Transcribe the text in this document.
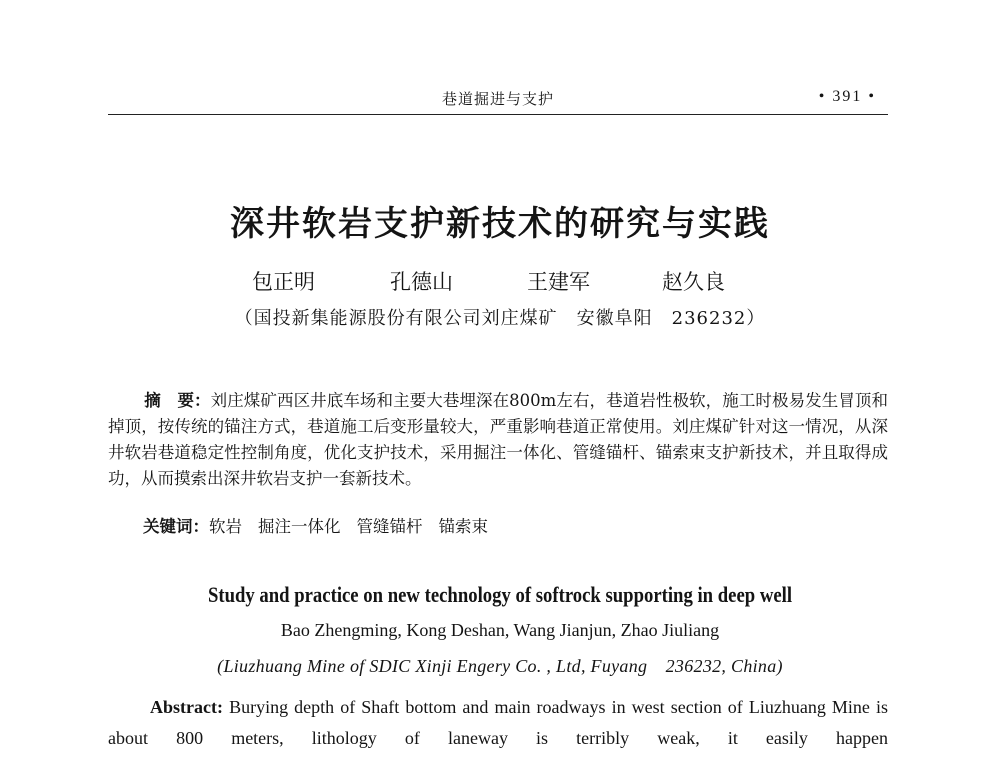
巷道掘进与支护	• 391 •
深井软岩支护新技术的研究与实践
包正明	孔德山	王建军	赵久良
（国投新集能源股份有限公司刘庄煤矿　安徽阜阳　236232）

摘　要：刘庄煤矿西区井底车场和主要大巷埋深在800m左右，巷道岩性极软，施工时极易发生冒顶和掉顶，按传统的锚注方式，巷道施工后变形量较大，严重影响巷道正常使用。刘庄煤矿针对这一情况，从深井软岩巷道稳定性控制角度，优化支护技术，采用掘注一体化、管缝锚杆、锚索束支护新技术，并且取得成功，从而摸索出深井软岩支护一套新技术。

关键词：软岩 掘注一体化 管缝锚杆 锚索束
Study and practice on new technology of softrock supporting in deep well
Bao Zhengming, Kong Deshan, Wang Jianjun, Zhao Jiuliang
(Liuzhuang Mine of SDIC Xinji Engery Co. , Ltd, Fuyang　236232, China)

Abstract: Burying depth of Shaft bottom and main roadways in west section of Liuzhuang Mine is about 800 meters, lithology of laneway is terribly weak, it easily happen
